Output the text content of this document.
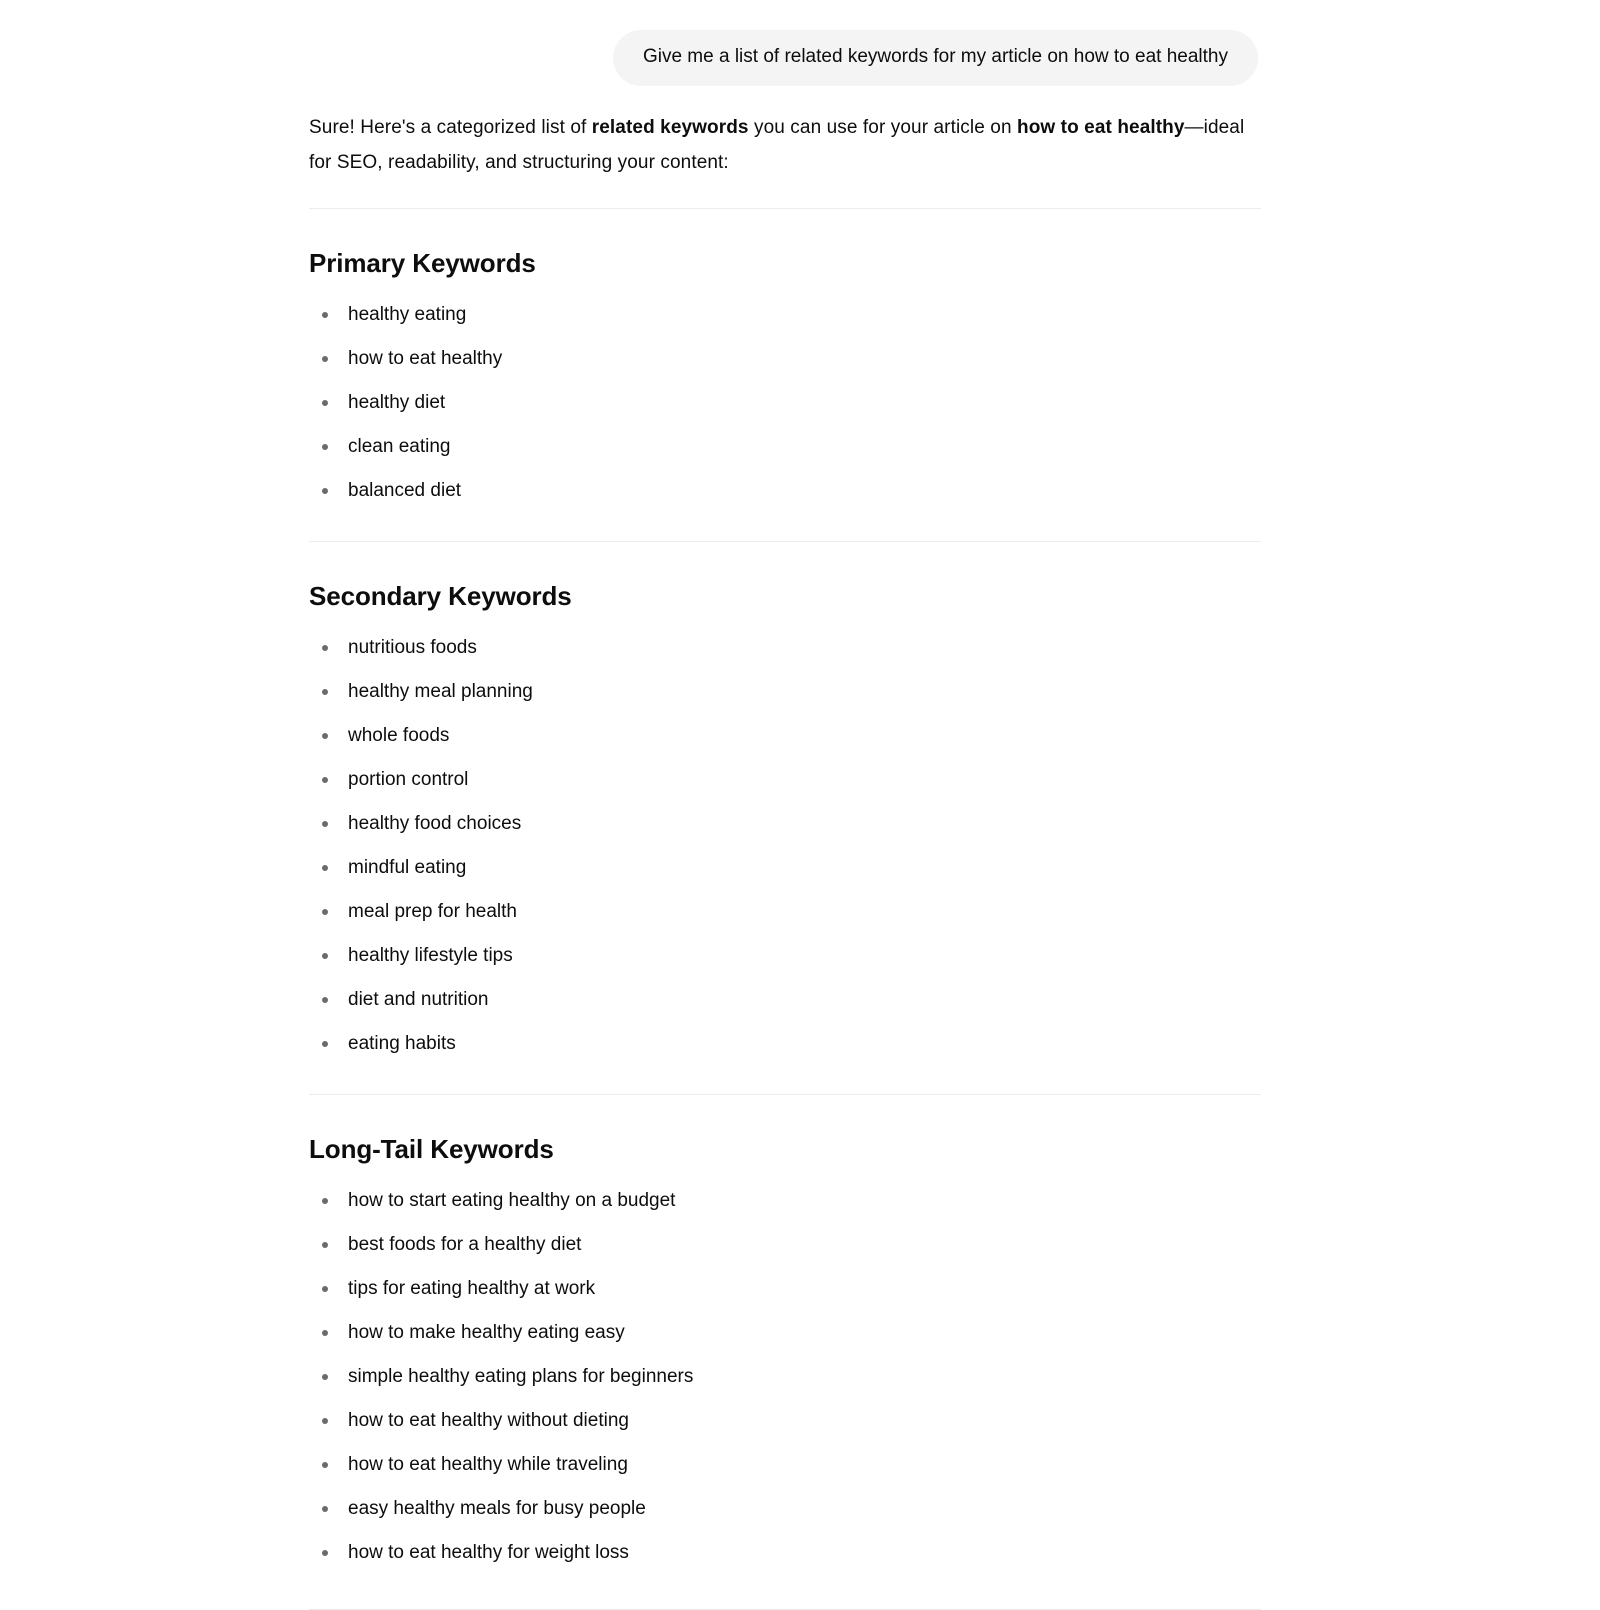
Give me a list of related keywords for my article on how to eat healthy

Sure! Here's a categorized list of related keywords you can use for your article on how to eat healthy—ideal for SEO, readability, and structuring your content:

Primary Keywords
healthy eating
how to eat healthy
healthy diet
clean eating
balanced diet
Secondary Keywords
nutritious foods
healthy meal planning
whole foods
portion control
healthy food choices
mindful eating
meal prep for health
healthy lifestyle tips
diet and nutrition
eating habits
Long-Tail Keywords
how to start eating healthy on a budget
best foods for a healthy diet
tips for eating healthy at work
how to make healthy eating easy
simple healthy eating plans for beginners
how to eat healthy without dieting
how to eat healthy while traveling
easy healthy meals for busy people
how to eat healthy for weight loss
